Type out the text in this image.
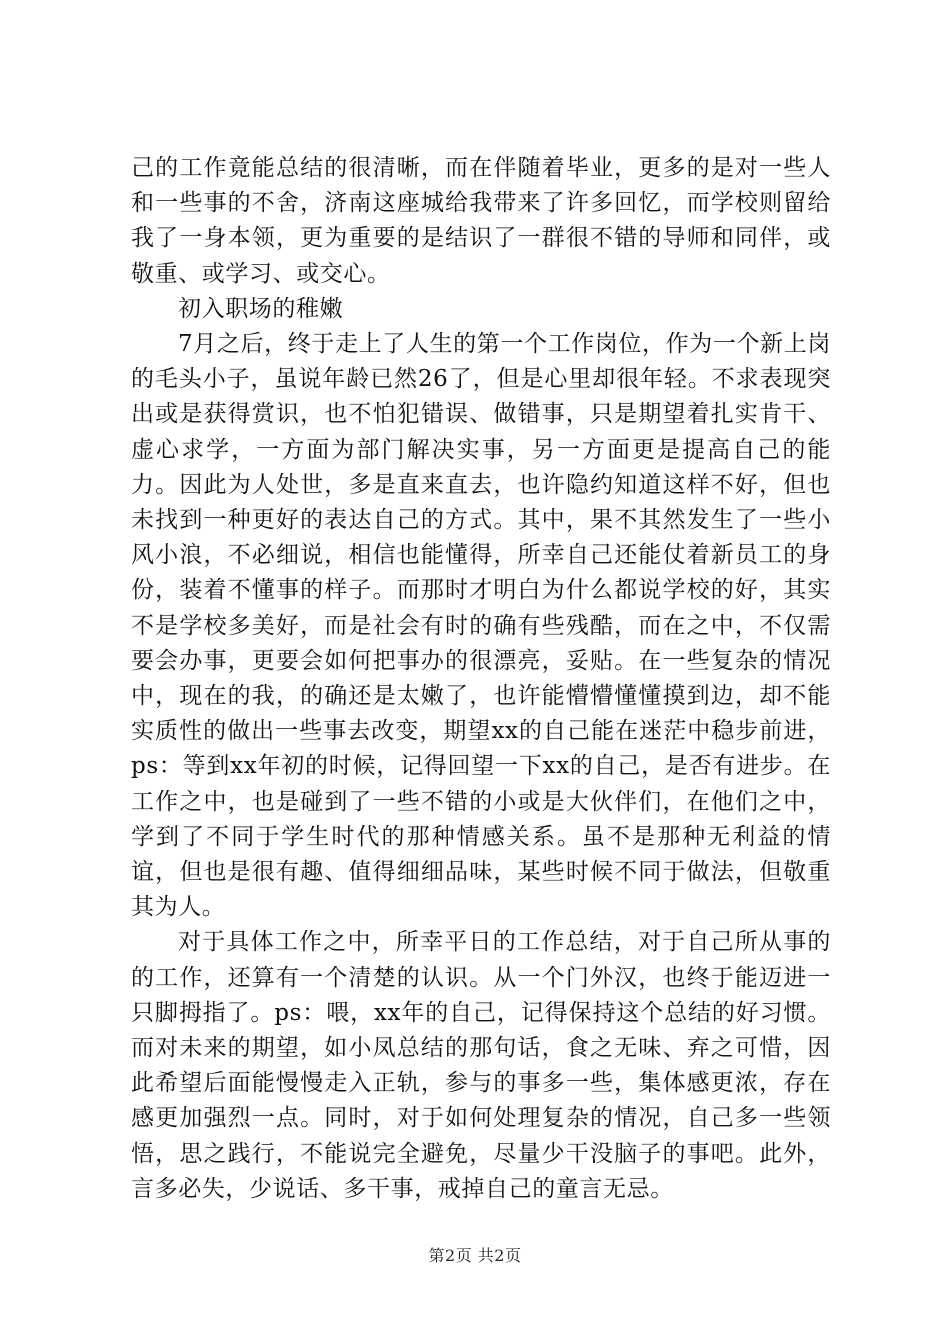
己的工作竟能总结的很清晰，而在伴随着毕业，更多的是对一些人和一些事的不舍，济南这座城给我带来了许多回忆，而学校则留给我了一身本领，更为重要的是结识了一群很不错的导师和同伴，或敬重、或学习、或交心。

初入职场的稚嫩

7月之后，终于走上了人生的第一个工作岗位，作为一个新上岗的毛头小子，虽说年龄已然26了，但是心里却很年轻。不求表现突出或是获得赏识，也不怕犯错误、做错事，只是期望着扎实肯干、虚心求学，一方面为部门解决实事，另一方面更是提高自己的能力。因此为人处世，多是直来直去，也许隐约知道这样不好，但也未找到一种更好的表达自己的方式。其中，果不其然发生了一些小风小浪，不必细说，相信也能懂得，所幸自己还能仗着新员工的身份，装着不懂事的样子。而那时才明白为什么都说学校的好，其实不是学校多美好，而是社会有时的确有些残酷，而在之中，不仅需要会办事，更要会如何把事办的很漂亮，妥贴。在一些复杂的情况中，现在的我，的确还是太嫩了，也许能懵懵懂懂摸到边，却不能实质性的做出一些事去改变，期望xx的自己能在迷茫中稳步前进，ps：等到xx年初的时候，记得回望一下xx的自己，是否有进步。在工作之中，也是碰到了一些不错的小或是大伙伴们，在他们之中，学到了不同于学生时代的那种情感关系。虽不是那种无利益的情谊，但也是很有趣、值得细细品味，某些时候不同于做法，但敬重其为人。

对于具体工作之中，所幸平日的工作总结，对于自己所从事的的工作，还算有一个清楚的认识。从一个门外汉，也终于能迈进一只脚拇指了。ps：喂，xx年的自己，记得保持这个总结的好习惯。而对未来的期望，如小凤总结的那句话，食之无味、弃之可惜，因此希望后面能慢慢走入正轨，参与的事多一些，集体感更浓，存在感更加强烈一点。同时，对于如何处理复杂的情况，自己多一些领悟，思之践行，不能说完全避免，尽量少干没脑子的事吧。此外，言多必失，少说话、多干事，戒掉自己的童言无忌。

第2页 共2页
